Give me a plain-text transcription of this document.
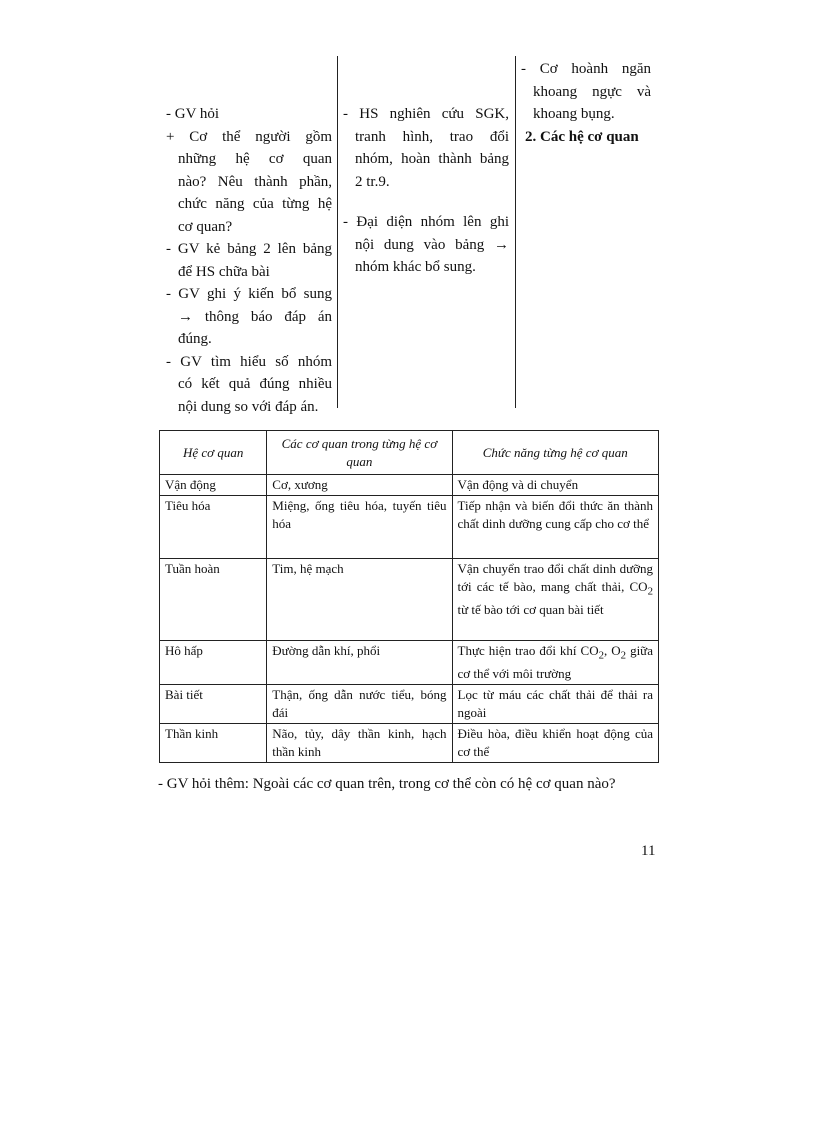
- GV hỏi
+ Cơ thể người gồm
những hệ cơ quan
nào? Nêu thành phần,
chức năng của từng hệ
cơ quan?
- GV kẻ bảng 2 lên bảng
để HS chữa bài
- GV ghi ý kiến bổ sung
→ thông báo đáp án
đúng.
- GV tìm hiểu số nhóm
có kết quả đúng nhiều
nội dung so với đáp án.
- HS nghiên cứu SGK,
tranh hình, trao đổi
nhóm, hoàn thành bảng
2 tr.9.
- Đại diện nhóm lên ghi
nội dung vào bảng →
nhóm khác bổ sung.
- Cơ hoành ngăn
khoang ngực và
khoang bụng.
2. Các hệ cơ quan
Hệ cơ quan	Các cơ quan trong từng hệ cơ quan	Chức năng từng hệ cơ quan
Vận động	Cơ, xương	Vận động và di chuyển
Tiêu hóa	Miệng, ống tiêu hóa, tuyến tiêu hóa	Tiếp nhận và biến đổi thức ăn thành chất dinh dưỡng cung cấp cho cơ thể
Tuần hoàn	Tim, hệ mạch	Vận chuyển trao đổi chất dinh dưỡng tới các tế bào, mang chất thải, $CO_2$ từ tế bào tới cơ quan bài tiết
Hô hấp	Đường dẫn khí, phổi	Thực hiện trao đổi khí $CO_2$, $O_2$ giữa cơ thể với môi trường
Bài tiết	Thận, ống dẫn nước tiểu, bóng đái	Lọc từ máu các chất thải để thải ra ngoài
Thần kinh	Não, tủy, dây thần kinh, hạch thần kinh	Điều hòa, điều khiển hoạt động của cơ thể
- GV hỏi thêm: Ngoài các cơ quan trên, trong cơ thể còn có hệ cơ quan nào?
11
